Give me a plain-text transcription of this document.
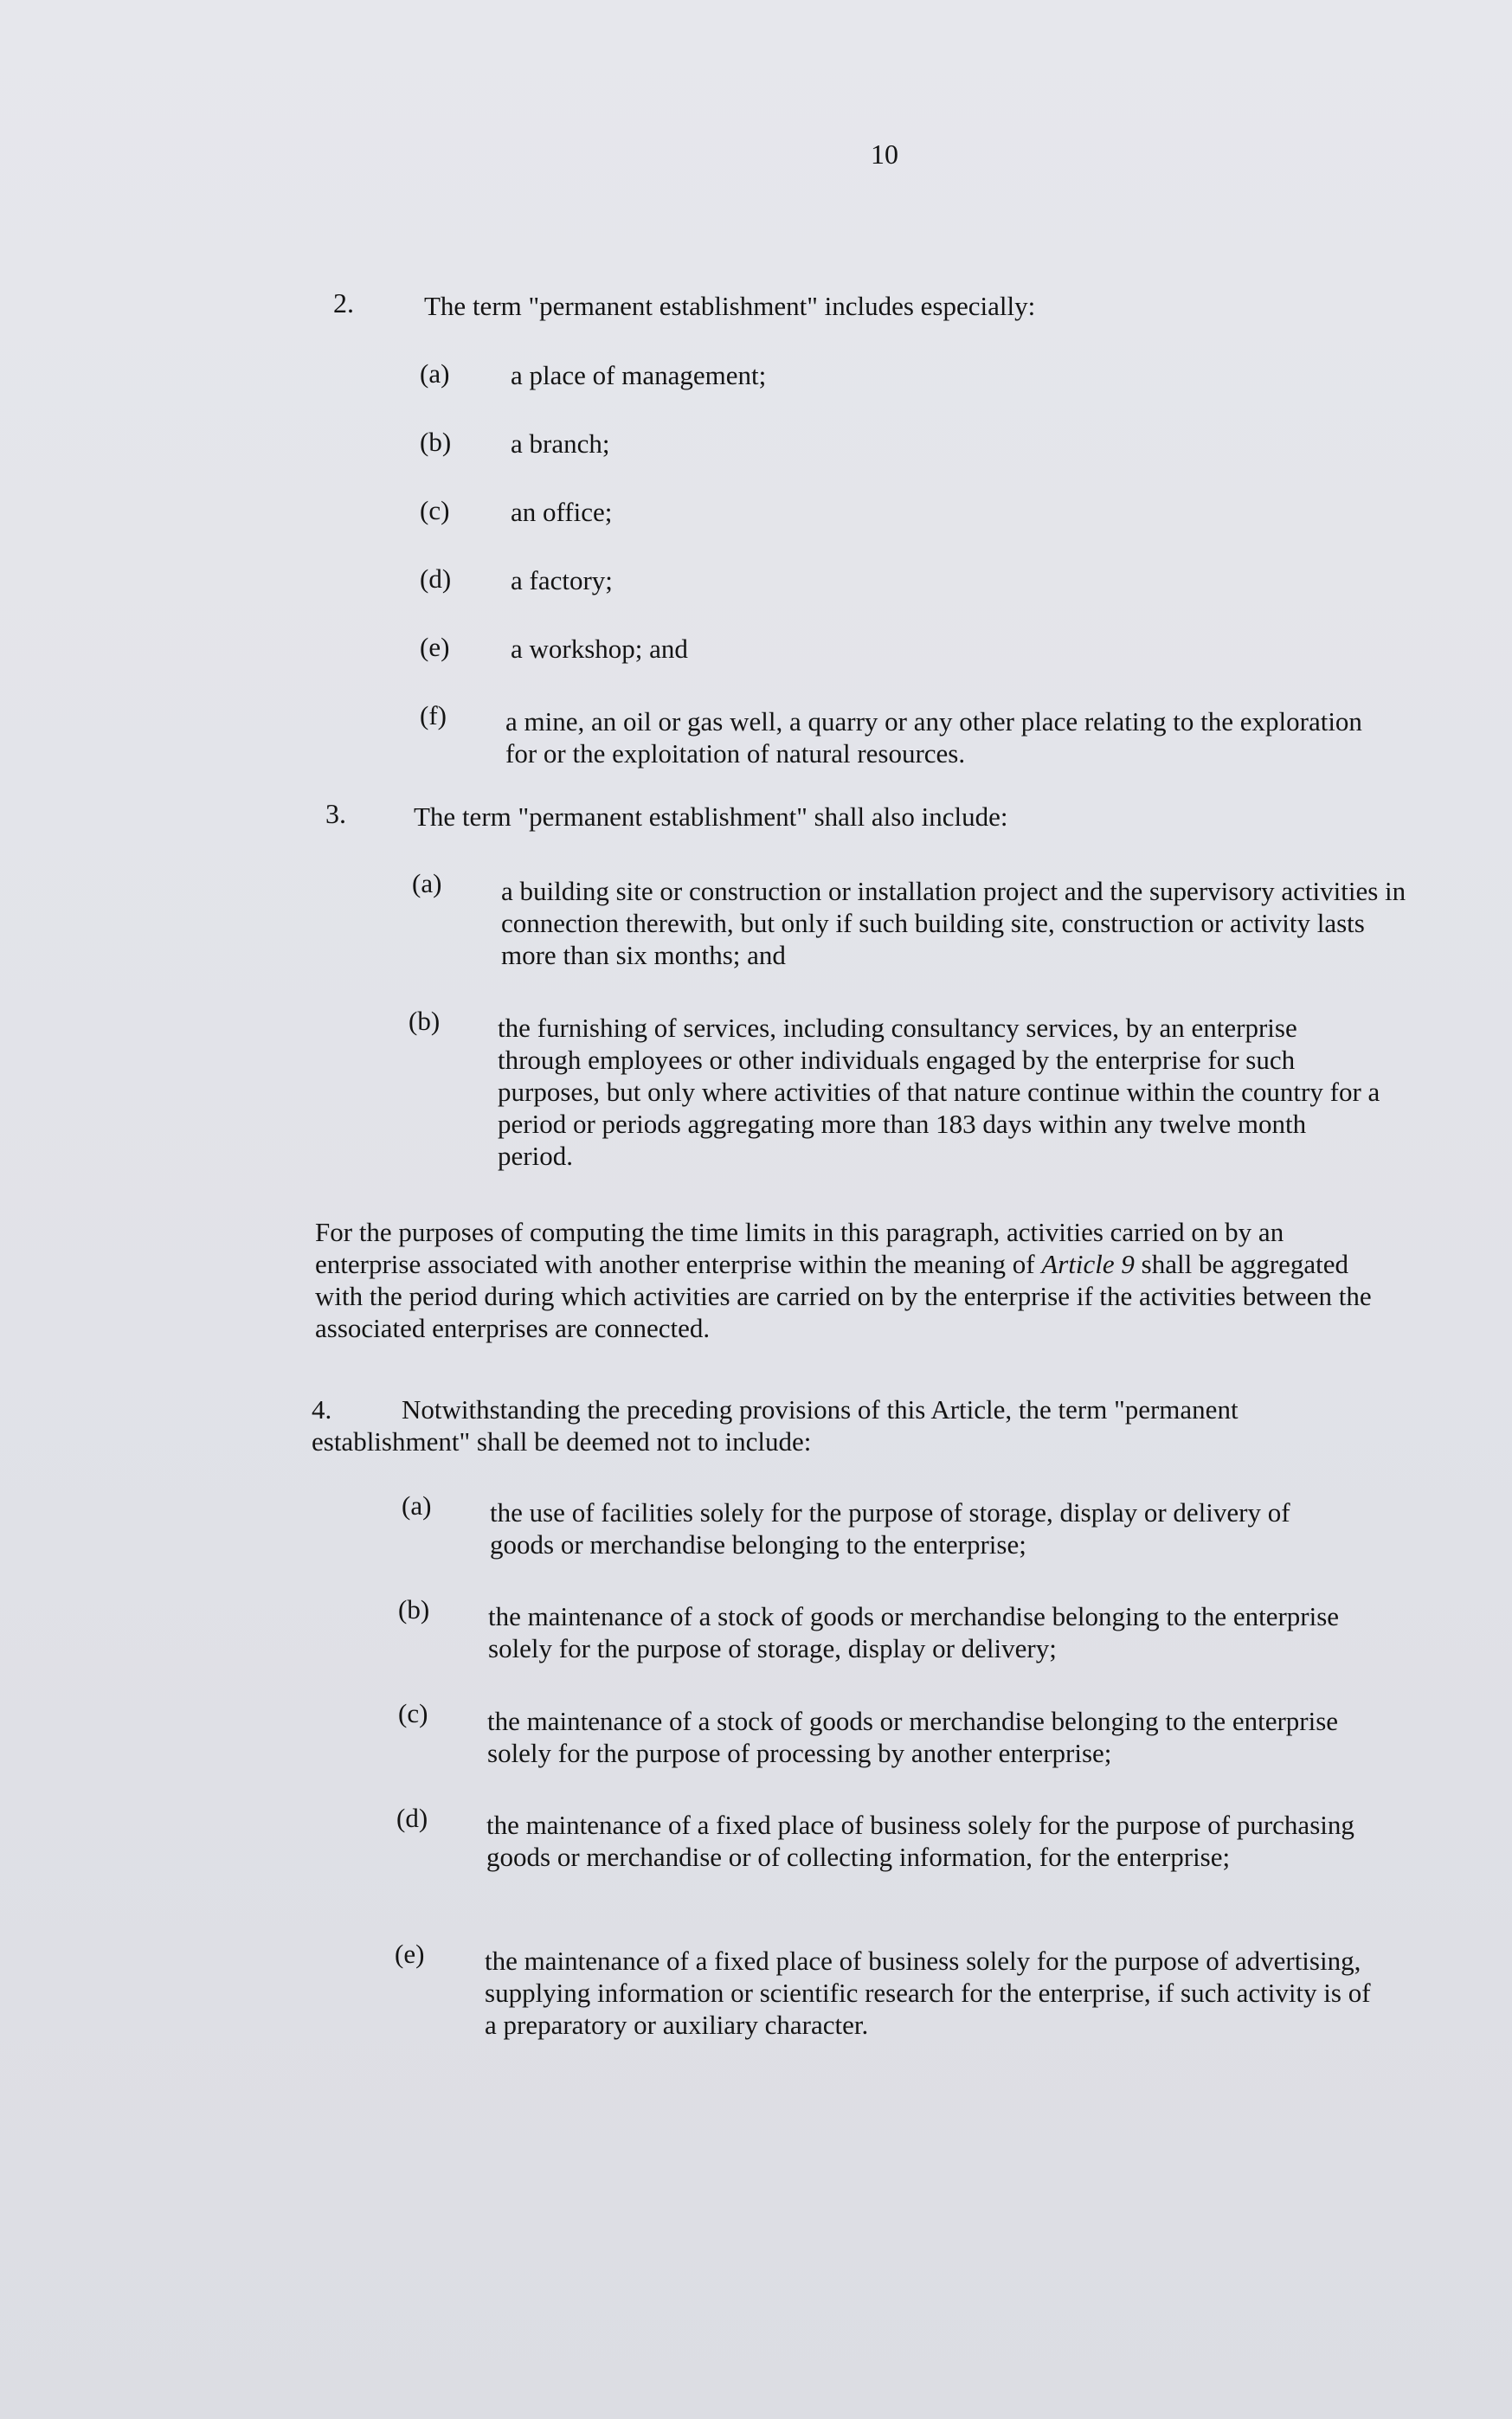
10
2.	The term "permanent establishment" includes especially:
(a) a place of management;
(b) a branch;
(c) an office;
(d) a factory;
(e) a workshop; and
(f) a mine, an oil or gas well, a quarry or any other place relating to the exploration for or the exploitation of natural resources.
3.	The term "permanent establishment" shall also include:
(a) a building site or construction or installation project and the supervisory activities in connection therewith, but only if such building site, construction or activity lasts more than six months; and
(b) the furnishing of services, including consultancy services, by an enterprise through employees or other individuals engaged by the enterprise for such purposes, but only where activities of that nature continue within the country for a period or periods aggregating more than 183 days within any twelve month period.
For the purposes of computing the time limits in this paragraph, activities carried on by an enterprise associated with another enterprise within the meaning of Article 9 shall be aggregated with the period during which activities are carried on by the enterprise if the activities between the associated enterprises are connected.
4.	Notwithstanding the preceding provisions of this Article, the term "permanent establishment" shall be deemed not to include:
(a) the use of facilities solely for the purpose of storage, display or delivery of goods or merchandise belonging to the enterprise;
(b) the maintenance of a stock of goods or merchandise belonging to the enterprise solely for the purpose of storage, display or delivery;
(c) the maintenance of a stock of goods or merchandise belonging to the enterprise solely for the purpose of processing by another enterprise;
(d) the maintenance of a fixed place of business solely for the purpose of purchasing goods or merchandise or of collecting information, for the enterprise;
(e) the maintenance of a fixed place of business solely for the purpose of advertising, supplying information or scientific research for the enterprise, if such activity is of a preparatory or auxiliary character.
